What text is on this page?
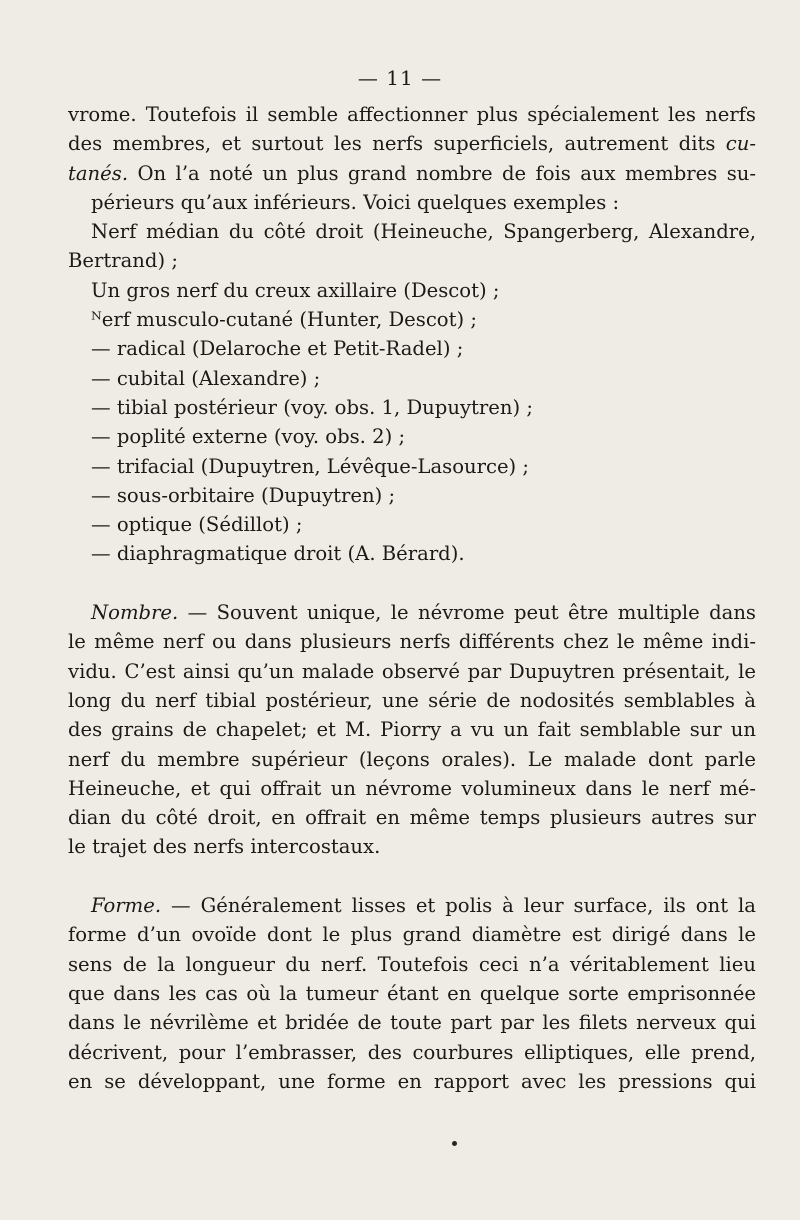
— 11 —
vrome. Toutefois il semble affectionner plus spécialement les nerfs
des membres, et surtout les nerfs superficiels, autrement dits cu-
tanés. On l’a noté un plus grand nombre de fois aux membres su-
périeurs qu’aux inférieurs. Voici quelques exemples :
Nerf médian du côté droit (Heineuche, Spangerberg, Alexandre,
Bertrand) ;
Un gros nerf du creux axillaire (Descot) ;
ᴺerf musculo-cutané (Hunter, Descot) ;
— radical (Delaroche et Petit-Radel) ;
— cubital (Alexandre) ;
— tibial postérieur (voy. obs. 1, Dupuytren) ;
— poplité externe (voy. obs. 2) ;
— trifacial (Dupuytren, Lévêque-Lasource) ;
— sous-orbitaire (Dupuytren) ;
— optique (Sédillot) ;
— diaphragmatique droit (A. Bérard).
Nombre. — Souvent unique, le névrome peut être multiple dans
le même nerf ou dans plusieurs nerfs différents chez le même indi-
vidu. C’est ainsi qu’un malade observé par Dupuytren présentait, le
long du nerf tibial postérieur, une série de nodosités semblables à
des grains de chapelet; et M. Piorry a vu un fait semblable sur un
nerf du membre supérieur (leçons orales). Le malade dont parle
Heineuche, et qui offrait un névrome volumineux dans le nerf mé-
dian du côté droit, en offrait en même temps plusieurs autres sur
le trajet des nerfs intercostaux.
Forme. — Généralement lisses et polis à leur surface, ils ont la
forme d’un ovoïde dont le plus grand diamètre est dirigé dans le
sens de la longueur du nerf. Toutefois ceci n’a véritablement lieu
que dans les cas où la tumeur étant en quelque sorte emprisonnée
dans le névrilème et bridée de toute part par les filets nerveux qui
décrivent, pour l’embrasser, des courbures elliptiques, elle prend,
en se développant, une forme en rapport avec les pressions qui
